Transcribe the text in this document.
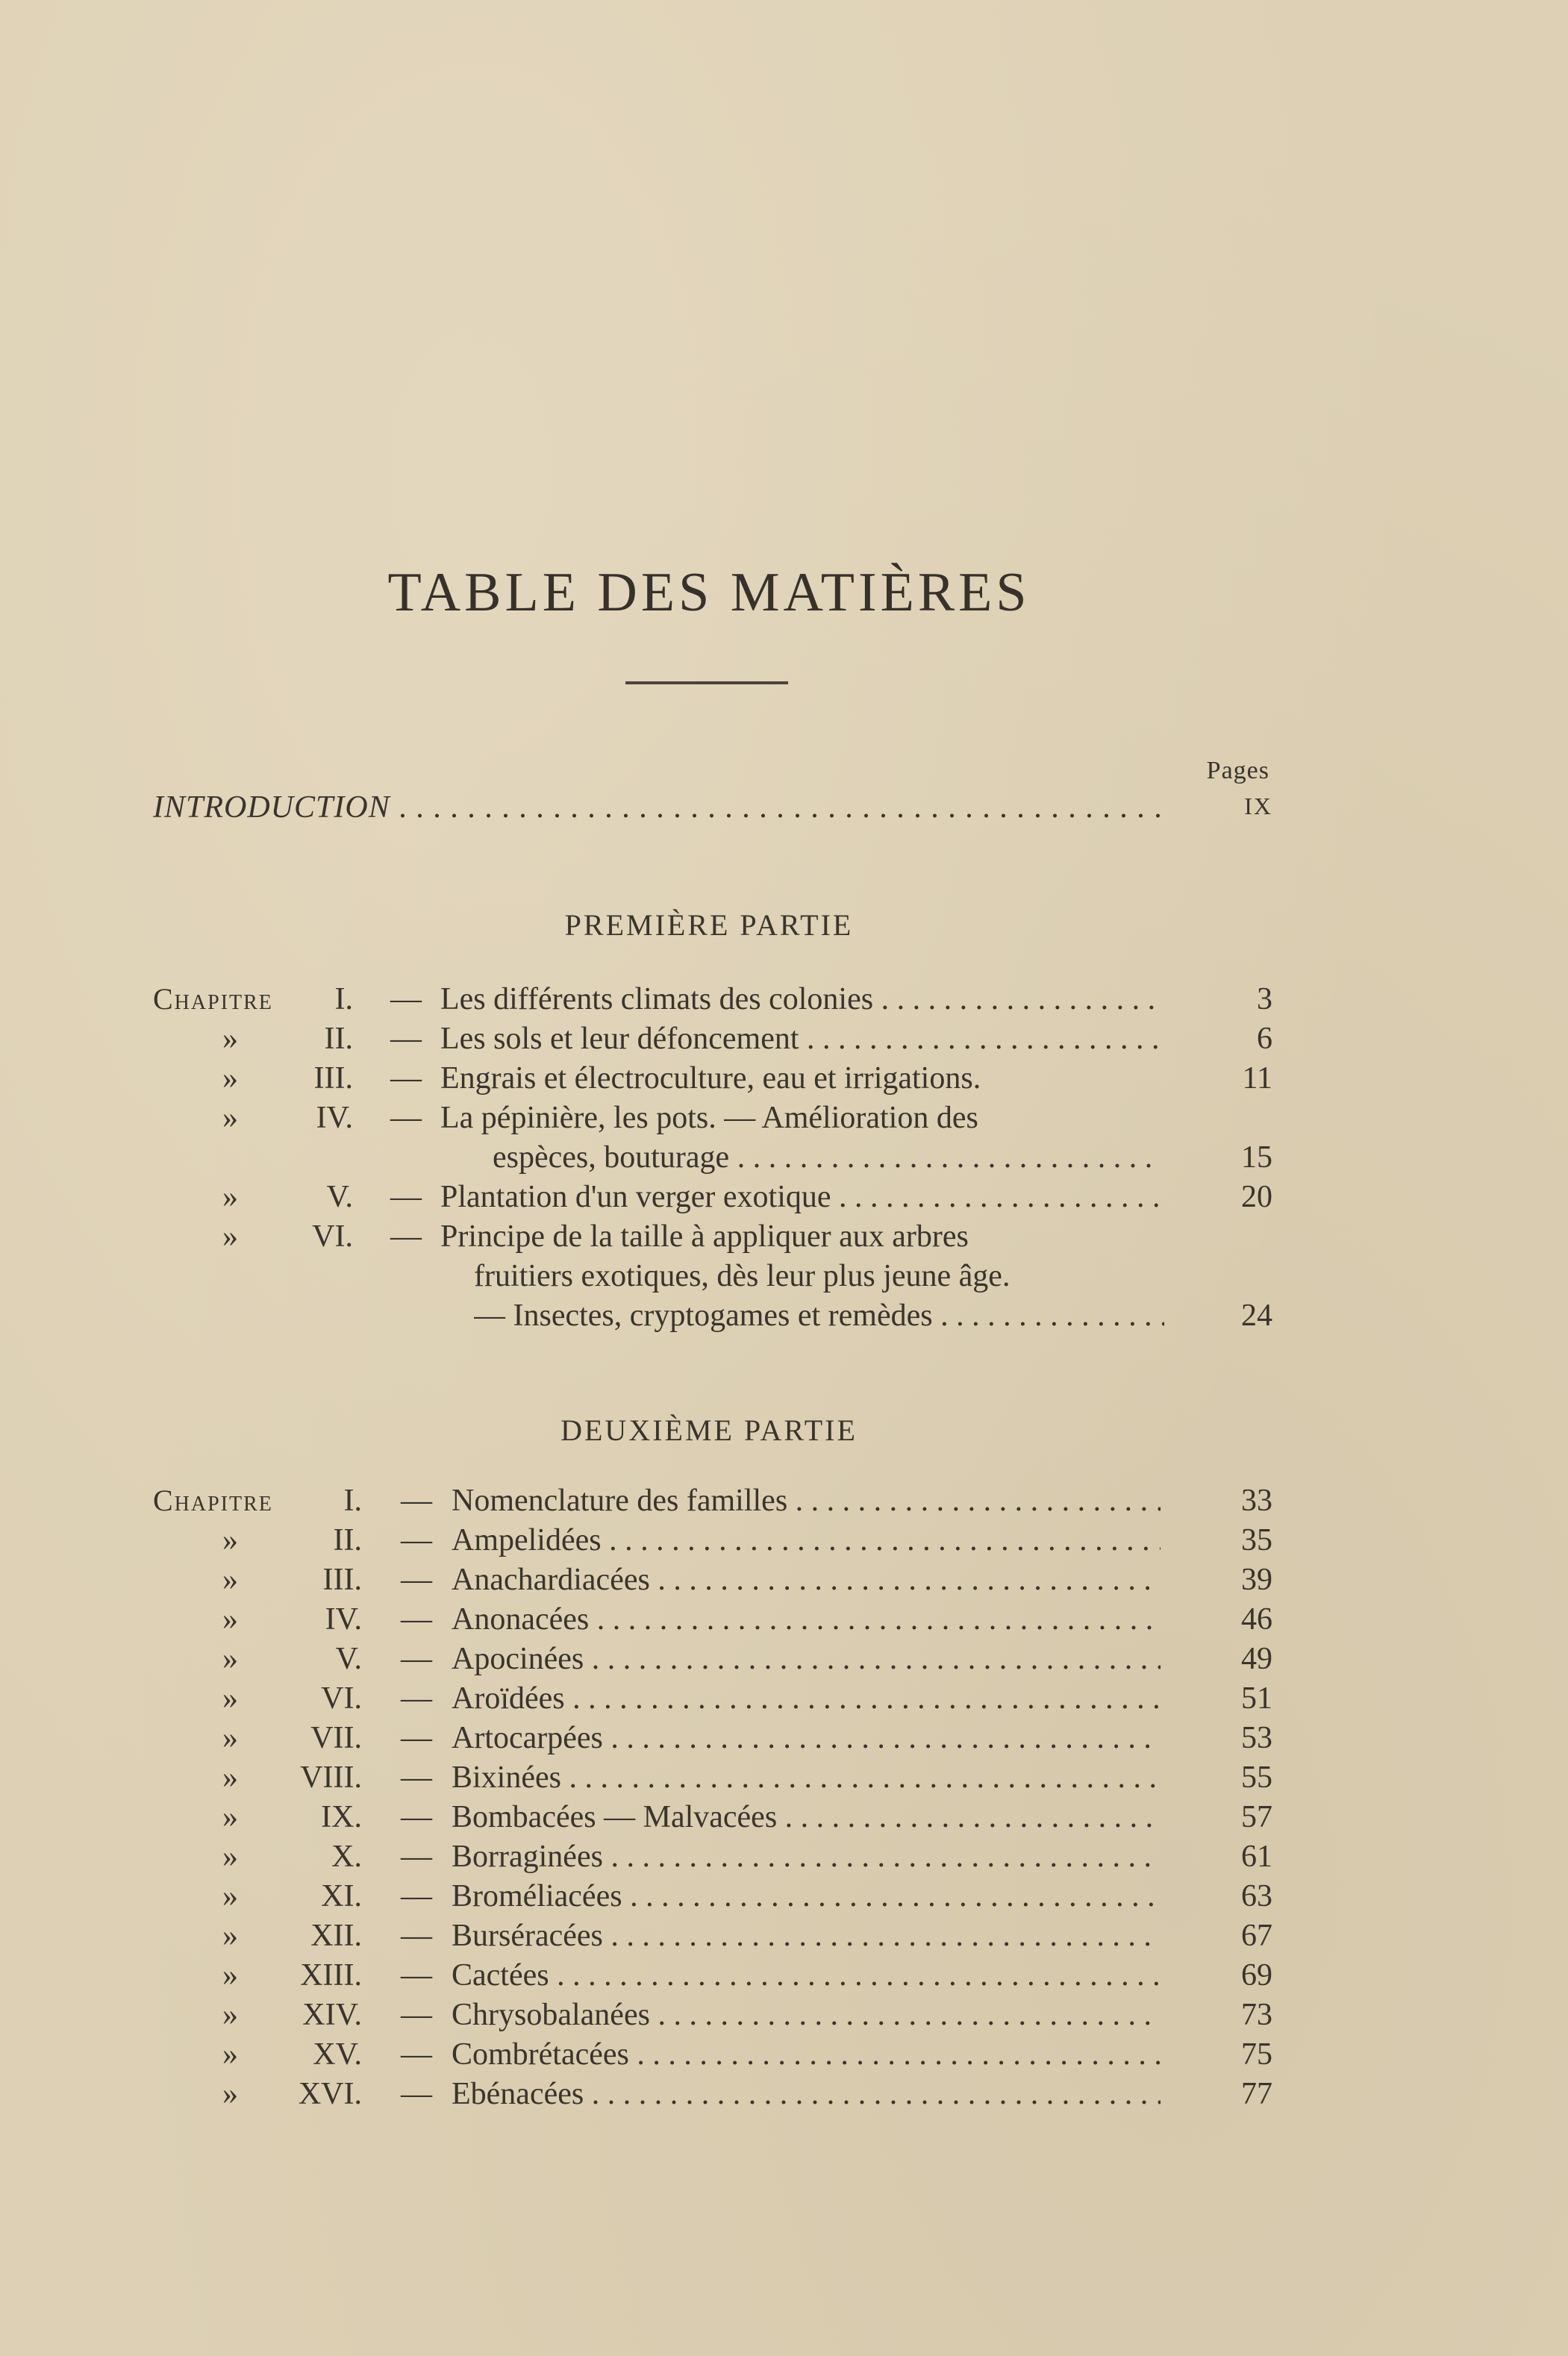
TABLE DES MATIÈRES
Pages
INTRODUCTION . . .	IX
PREMIÈRE PARTIE
Chapitre I. — Les différents climats des colonies . . .	3
»	II. — Les sols et leur défoncement . . .	6
» III. — Engrais et électroculture, eau et irrigations.	11
» IV. — La pépinière, les pots. — Amélioration des
espèces, bouturage . . .	15
»	V. — Plantation d'un verger exotique . . .	20
» VI. — Principe de la taille à appliquer aux arbres
fruitiers exotiques, dès leur plus jeune âge.
— Insectes, cryptogames et remèdes . . .	24
DEUXIÈME PARTIE
Chapitre I. — Nomenclature des familles . . .	33
»	II. — Ampelidées . . .	35
»	III. — Anachardiacées . . .	39
»	IV. — Anonacées . . .	46
»	V. — Apocinées . . .	49
»	VI. — Aroïdées . . .	51
» VII. — Artocarpées . . .	53
» VIII. — Bixinées . . .	55
»	IX. — Bombacées — Malvacées . . .	57
»	X. — Borraginées . . .	61
»	XI. — Broméliacées . . .	63
» XII. — Burséracées . . .	67
» XIII. — Cactées . . .	69
» XIV. — Chrysobalanées . . .	73
» XV. — Combrétacées . . .	75
» XVI. — Ebénacées . . .	77
